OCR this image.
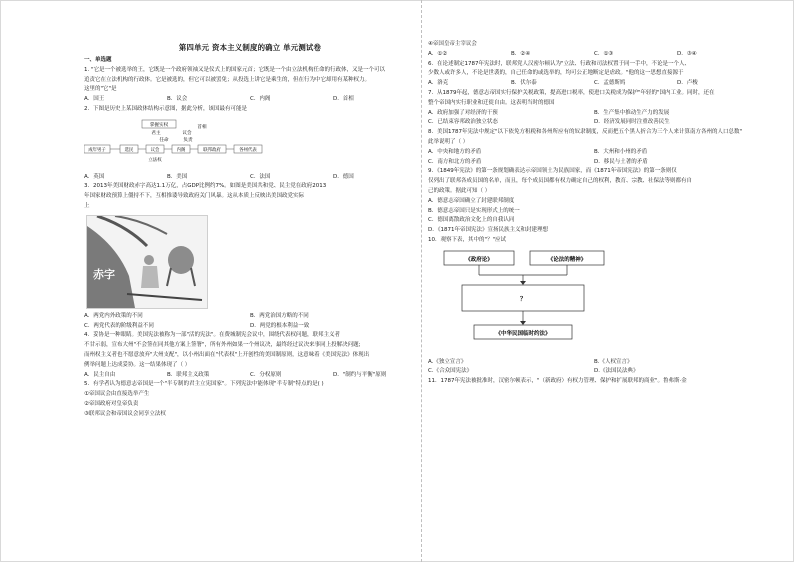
第四单元 资本主义制度的确立 单元测试卷
一、单选题
1. "它是一个被选举的王，它既是一个政府领袖又是仪式上的国家元首；它既是一个由立法机构任命的行政体，又是一个可以
追责它在立法机构的行政体。它是被选的，但它可以被罢免；从投选上讲它是乘生的，但在行为中它却用有某种权力。
这里的"它"是
A．国王	B．议会	C．内阁	D．首相
2．下图是历史上某国政体结构示意图，据此分析，该国最有可能是
掌握实权
君主	议会
首相
任命	负责
成年男子	选民	议会	内阁	联邦政府	各州代表
立法权
A．英国	B．美国	C．法国	D．德国
3．2013年美国财政赤字高达1.1万亿，占GDP比例约7%。如图是美国共和党、民主党在政府2013
年国家财政预算上僵持不下，互相推诿导致政府关门风暴。这从本质上反映出美国政党实际
上
赤字
A．两党内外政策的不同	B．两党治国方略的不同
C．两党代表的阶级利益不同	D．两党的根本利益一致
4．妥协是一种眼睛。美国宪法被称为一部"活的宪法"。在费城制宪会议中，围绕代表权问题，联邦主义者
不甘示弱，宣布大州"不会签在同其他方案上签署"，所有外州如果一个州议决，最终经过议决来事同上投解决问题;
而州权主义者也不愿意放弃"大州支配"，以小州出面在"代表权"上开创性的美国制原则，这意味着《美国宪法》体现出
例举问题上达成妥协。这一结果体现了（ ）
A．民主自由	B．联邦主义政策	C．分权原则	D．"制约与平衡"原则
5．有学者认为德意志帝国是一个"半专制的君主立宪国家"。下列宪法中能体现"半专制"特点的是( )
①帝国议会由直接选举产生
②帝国政府对皇帝负责
③联邦议会和帝国议会同享立法权
④帝国皇帝主宰议会
A．①②	B．②④	C．①③	D．③④
6．在论述制定1787年宪法时，联邦党人汉密尔顿认为"立法、行政和司法权置于同一手中，不论是一个人、
少数人或许多人，不论是世袭的，自己任命的或选举的，均可公正地断定是虐政。"他的这一思想直接源于
A．洛克	B．伏尔泰	C．孟德斯鸠	D．卢梭
7．从1879年起，德意志帝国实行保护关税政策，提高进口税率，使进口关税成为保护"年轻的"国内工业。同时，还在
整个帝国内实行职业和迁徙自由。这表明当时的德国
A．政府加强了对经济的干预	B．生产集中推动生产力的发展
C．已结束容邦政治独立状态	D．经济发展同时注重改善民生
8．美国1787年宪法中规定"以下依免方租税和各州所应有的奴隶制度，反而把五个黑人折合为三个人来计算南方各州的人口总数"
此举说明了（ ）
A．中央和地方的矛盾	B．大州和小州的矛盾
C．南方和北方的矛盾	D．移民与土著的矛盾
9．《1849年宪法》的第一条规划确表达示帝国领土为民族国家，而《1871年帝国宪法》的第一条则仅
仅列出了联邦各成员国的名单，而且，每个成员国都有权力确定自己的权利，教育、宗教、社保法等则都有自
己的政策。据此可知（ ）
A．德意志帝国确立了封建联邦制度
B．德意志帝国只是实现形式上的统一
C．德国离散政治文化上的自我认同
D．《1871年帝国宪法》宣扬民族主义和封建理想
10．观察下表，其中的"？"应试
《政府论》	《论法的精神》
？
《中华民国临时约法》
A.《独立宣言》	B.《人权宣言》
C.《合众国宪法》	D.《法国民法典》
11．1787年宪法被批准时，汉密尔顿表示，"（新政府）有权力管理、保护和扩展联邦的商业"。鲁弗斯·金
